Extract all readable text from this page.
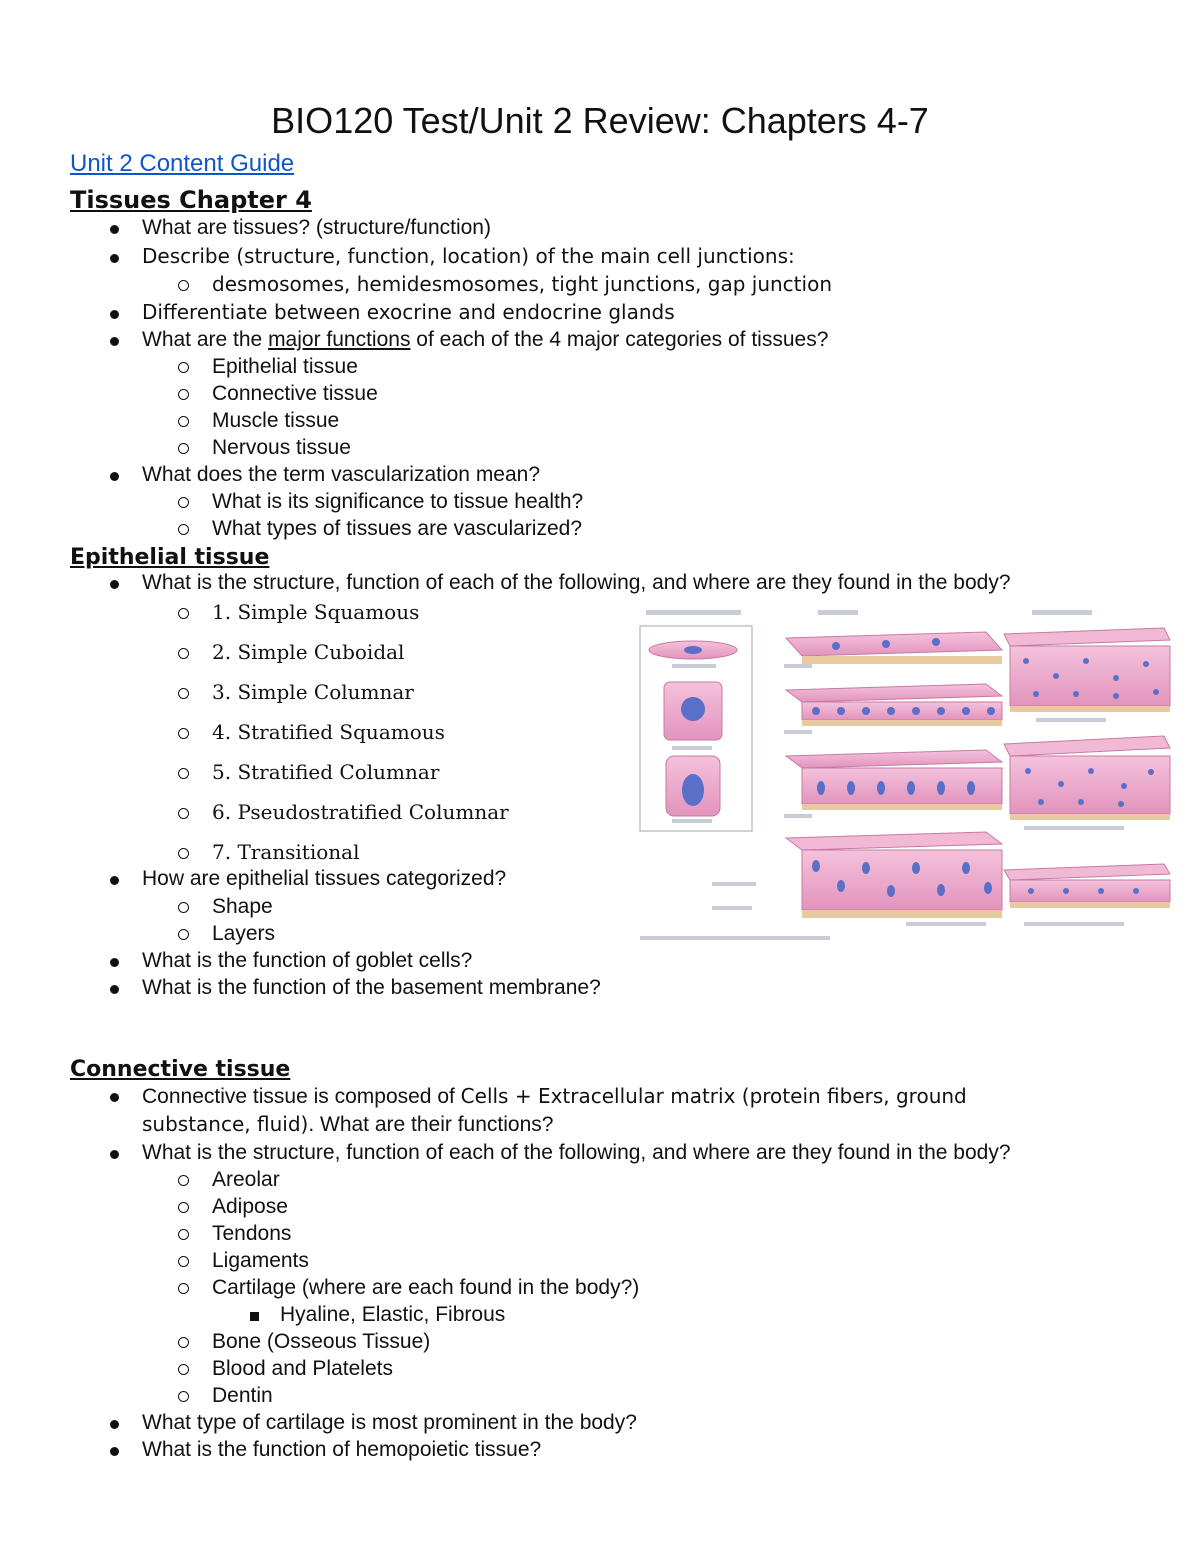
BIO120 Test/Unit 2 Review: Chapters 4-7
Unit 2 Content Guide
Tissues Chapter 4
What are tissues? (structure/function)
Describe (structure, function, location) of the main cell junctions:
desmosomes, hemidesmosomes, tight junctions, gap junction
Differentiate between exocrine and endocrine glands
What are the major functions of each of the 4 major categories of tissues?
Epithelial tissue
Connective tissue
Muscle tissue
Nervous tissue
What does the term vascularization mean?
What is its significance to tissue health?
What types of tissues are vascularized?
Epithelial tissue
What is the structure, function of each of the following, and where are they found in the body?
1. Simple Squamous
2. Simple Cuboidal
3. Simple Columnar
4. Stratified Squamous
5. Stratified Columnar
6. Pseudostratified Columnar
7. Transitional
How are epithelial tissues categorized?
Shape
Layers
What is the function of goblet cells?
What is the function of the basement membrane?
Connective tissue
Connective tissue is composed of Cells + Extracellular matrix (protein fibers, ground
substance, fluid). What are their functions?
What is the structure, function of each of the following, and where are they found in the body?
Areolar
Adipose
Tendons
Ligaments
Cartilage (where are each found in the body?)
Hyaline, Elastic, Fibrous
Bone (Osseous Tissue)
Blood and Platelets
Dentin
What type of cartilage is most prominent in the body?
What is the function of hemopoietic tissue?
